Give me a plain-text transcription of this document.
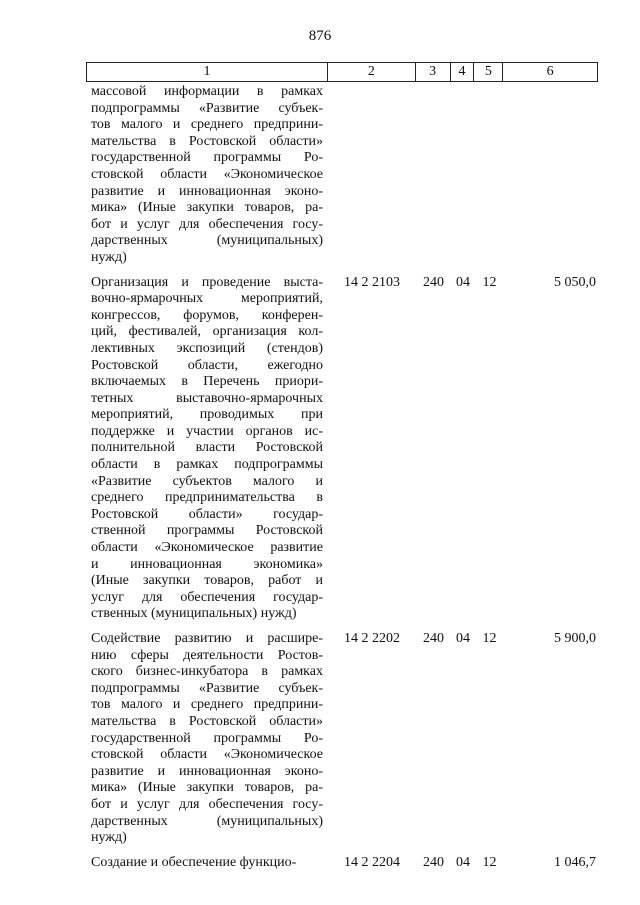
876
1	2	3	4	5	6
массовой информации в рамках
подпрограммы «Развитие субъек-
тов малого и среднего предприни-
мательства в Ростовской области»
государственной программы Ро-
стовской области «Экономическое
развитие и инновационная эконо-
мика» (Иные закупки товаров, ра-
бот и услуг для обеспечения госу-
дарственных (муниципальных)
нужд)
Организация и проведение выста-
вочно-ярмарочных мероприятий,
конгрессов, форумов, конферен-
ций, фестивалей, организация кол-
лективных экспозиций (стендов)
Ростовской области, ежегодно
включаемых в Перечень приори-
тетных выставочно-ярмарочных
мероприятий, проводимых при
поддержке и участии органов ис-
полнительной власти Ростовской
области в рамках подпрограммы
«Развитие субъектов малого и
среднего предпринимательства в
Ростовской области» государ-
ственной программы Ростовской
области «Экономическое развитие
и инновационная экономика»
(Иные закупки товаров, работ и
услуг для обеспечения государ-
ственных (муниципальных) нужд)
14 2 2103	240 04 12	5 050,0
Содействие развитию и расшире-
нию сферы деятельности Ростов-
ского бизнес-инкубатора в рамках
подпрограммы «Развитие субъек-
тов малого и среднего предприни-
мательства в Ростовской области»
государственной программы Ро-
стовской области «Экономическое
развитие и инновационная эконо-
мика» (Иные закупки товаров, ра-
бот и услуг для обеспечения госу-
дарственных (муниципальных)
нужд)
14 2 2202	240 04 12	5 900,0
Создание и обеспечение функцио-	14 2 2204	240 04 12	1 046,7
